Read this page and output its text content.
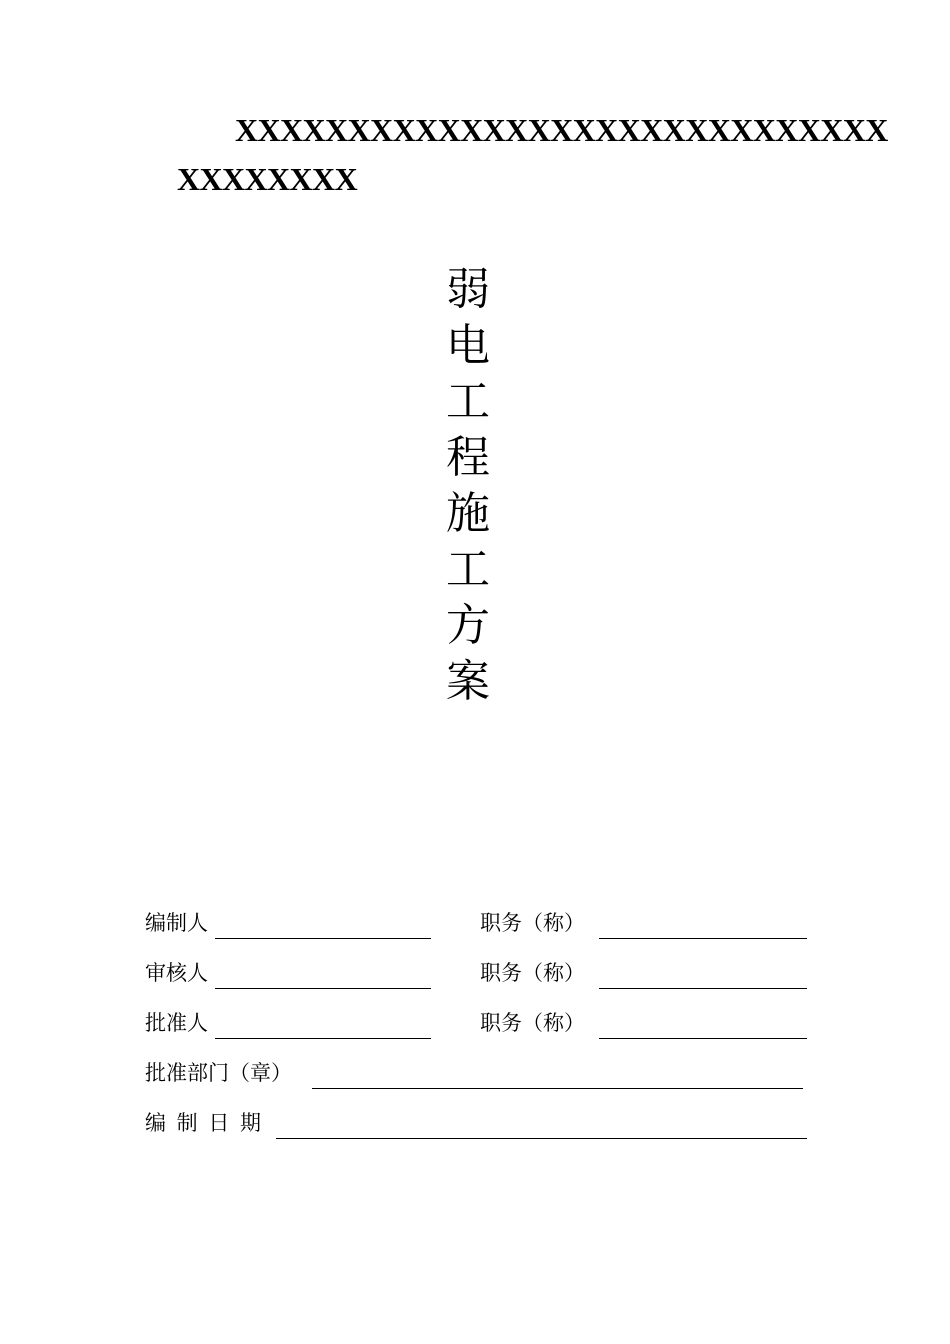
XXXXXXXXXXXXXXXXXXXXXXXXXXXXX
XXXXXXXX
弱
电
工
程
施
工
方
案
编制人	职务（称）
审核人	职务（称）
批准人	职务（称）
批准部门（章）
编 制 日 期
